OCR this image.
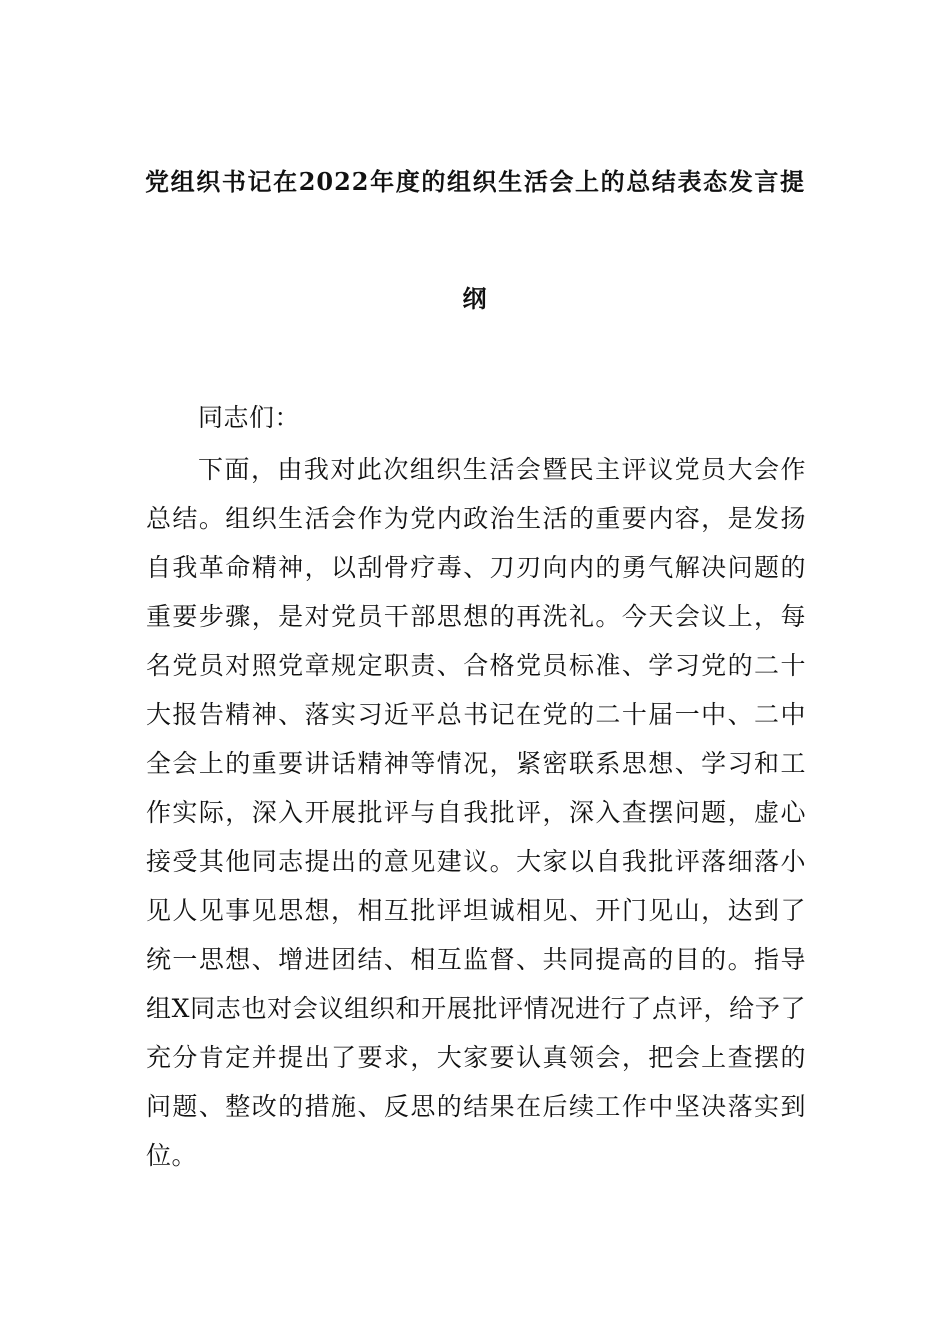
党组织书记在2022年度的组织生活会上的总结表态发言提
纲
同志们：
下面，由我对此次组织生活会暨民主评议党员大会作
总结。组织生活会作为党内政治生活的重要内容，是发扬
自我革命精神，以刮骨疗毒、刀刃向内的勇气解决问题的
重要步骤，是对党员干部思想的再洗礼。今天会议上，每
名党员对照党章规定职责、合格党员标准、学习党的二十
大报告精神、落实习近平总书记在党的二十届一中、二中
全会上的重要讲话精神等情况，紧密联系思想、学习和工
作实际，深入开展批评与自我批评，深入查摆问题，虚心
接受其他同志提出的意见建议。大家以自我批评落细落小
见人见事见思想，相互批评坦诚相见、开门见山，达到了
统一思想、增进团结、相互监督、共同提高的目的。指导
组X同志也对会议组织和开展批评情况进行了点评，给予了
充分肯定并提出了要求，大家要认真领会，把会上查摆的
问题、整改的措施、反思的结果在后续工作中坚决落实到
位。
